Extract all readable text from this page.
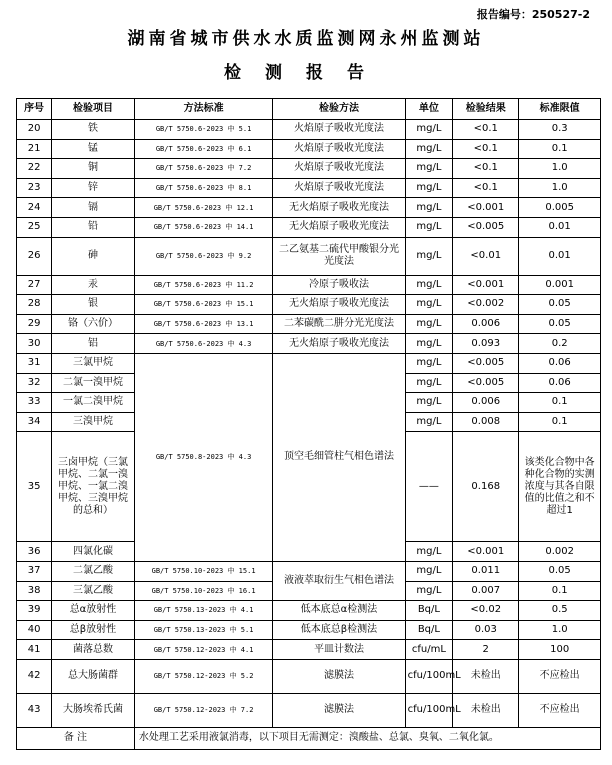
报告编号：250527-2
湖南省城市供水水质监测网永州监测站
检测报告
序号	检验项目	方法标准	检验方法	单位	检验结果	标准限值
20	铁	GB/T 5750.6-2023 中 5.1	火焰原子吸收光度法	mg/L	<0.1	0.3
21	锰	GB/T 5750.6-2023 中 6.1	火焰原子吸收光度法	mg/L	<0.1	0.1
22	铜	GB/T 5750.6-2023 中 7.2	火焰原子吸收光度法	mg/L	<0.1	1.0
23	锌	GB/T 5750.6-2023 中 8.1	火焰原子吸收光度法	mg/L	<0.1	1.0
24	镉	GB/T 5750.6-2023 中 12.1	无火焰原子吸收光度法	mg/L	<0.001	0.005
25	铅	GB/T 5750.6-2023 中 14.1	无火焰原子吸收光度法	mg/L	<0.005	0.01
26	砷	GB/T 5750.6-2023 中 9.2	二乙氨基二硫代甲酸银分光光度法	mg/L	<0.01	0.01
27	汞	GB/T 5750.6-2023 中 11.2	冷原子吸收法	mg/L	<0.001	0.001
28	银	GB/T 5750.6-2023 中 15.1	无火焰原子吸收光度法	mg/L	<0.002	0.05
29	铬（六价）	GB/T 5750.6-2023 中 13.1	二苯碳酰二肼分光光度法	mg/L	0.006	0.05
30	铝	GB/T 5750.6-2023 中 4.3	无火焰原子吸收光度法	mg/L	0.093	0.2
31	三氯甲烷	GB/T 5750.8-2023 中 4.3	顶空毛细管柱气相色谱法	mg/L	<0.005	0.06
32	二氯一溴甲烷			mg/L	<0.005	0.06
33	一氯二溴甲烷			mg/L	0.006	0.1
34	三溴甲烷			mg/L	0.008	0.1
35	三卤甲烷（三氯甲烷、二氯一溴甲烷、一氯二溴甲烷、三溴甲烷的总和）			——	0.168	该类化合物中各种化合物的实测浓度与其各自限值的比值之和不超过1
36	四氯化碳			mg/L	<0.001	0.002
37	二氯乙酸	GB/T 5750.10-2023 中 15.1	液液萃取衍生气相色谱法	mg/L	0.011	0.05
38	三氯乙酸	GB/T 5750.10-2023 中 16.1		mg/L	0.007	0.1
39	总α放射性	GB/T 5750.13-2023 中 4.1	低本底总α检测法	Bq/L	<0.02	0.5
40	总β放射性	GB/T 5750.13-2023 中 5.1	低本底总β检测法	Bq/L	0.03	1.0
41	菌落总数	GB/T 5750.12-2023 中 4.1	平皿计数法	cfu/mL	2	100
42	总大肠菌群	GB/T 5750.12-2023 中 5.2	滤膜法	cfu/100mL	未检出	不应检出
43	大肠埃希氏菌	GB/T 5750.12-2023 中 7.2	滤膜法	cfu/100mL	未检出	不应检出
备 注		水处理工艺采用液氯消毒，以下项目无需测定：溴酸盐、总氯、臭氧、二氧化氯。				
